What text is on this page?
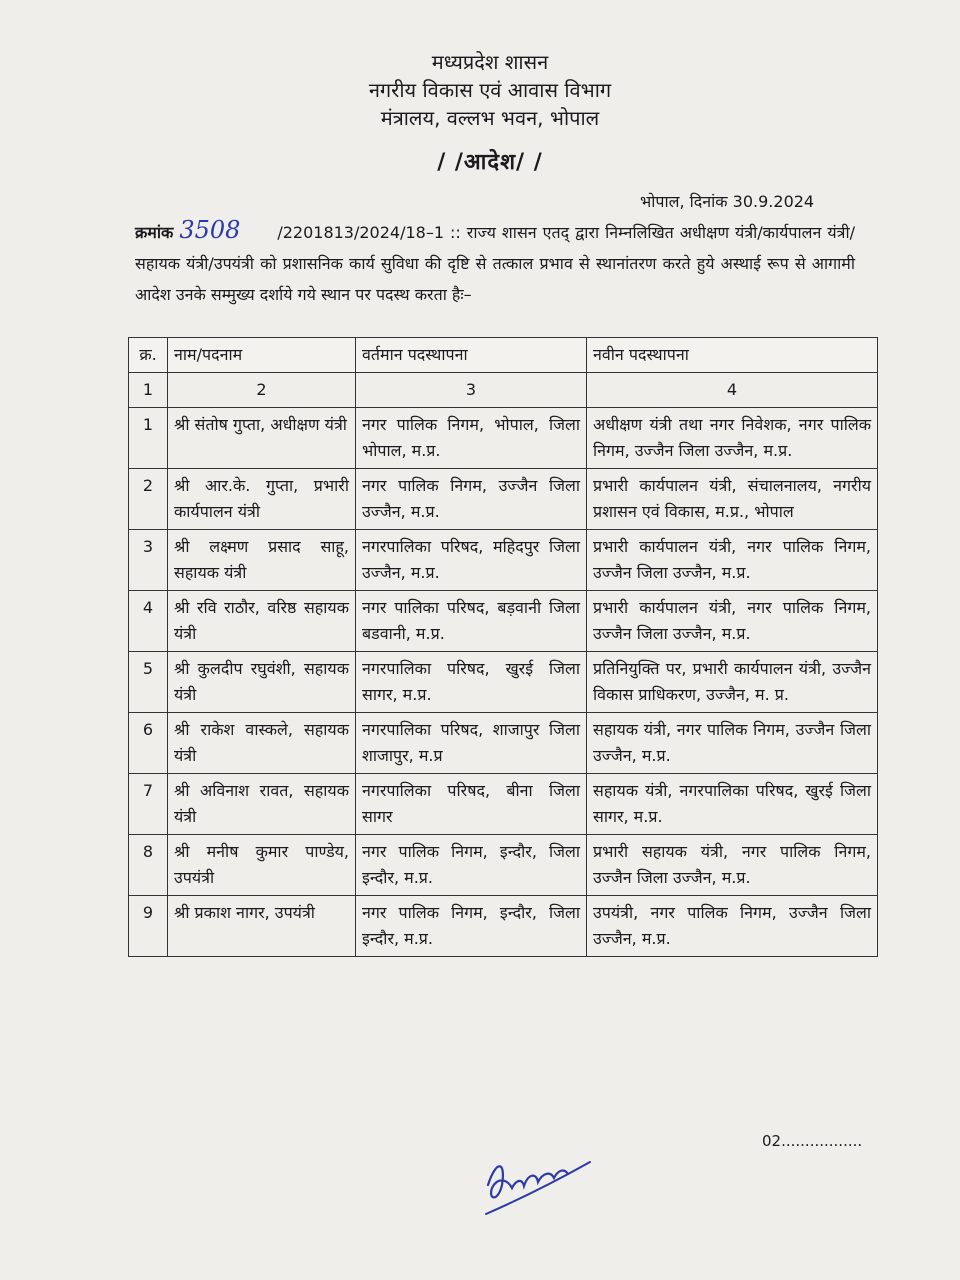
मध्यप्रदेश शासन
नगरीय विकास एवं आवास विभाग
मंत्रालय, वल्लभ भवन, भोपाल
/ /आदेश/ /
भोपाल, दिनांक 30.9.2024
क्रमांक 3508 /2201813/2024/18–1 :: राज्य शासन एतद् द्वारा निम्नलिखित अधीक्षण यंत्री/कार्यपालन यंत्री/सहायक यंत्री/उपयंत्री को प्रशासनिक कार्य सुविधा की दृष्टि से तत्काल प्रभाव से स्थानांतरण करते हुये अस्थाई रूप से आगामी आदेश उनके सम्मुख्य दर्शाये गये स्थान पर पदस्थ करता हैः–
क्र.	नाम/पदनाम	वर्तमान पदस्थापना	नवीन पदस्थापना
1	2	3	4
1	श्री संतोष गुप्ता, अधीक्षण यंत्री	नगर पालिक निगम, भोपाल, जिला भोपाल, म.प्र.	अधीक्षण यंत्री तथा नगर निवेशक, नगर पालिक निगम, उज्जैन जिला उज्जैन, म.प्र.
2	श्री आर.के. गुप्ता, प्रभारी कार्यपालन यंत्री	नगर पालिक निगम, उज्जैन जिला उज्जैन, म.प्र.	प्रभारी कार्यपालन यंत्री, संचालनालय, नगरीय प्रशासन एवं विकास, म.प्र., भोपाल
3	श्री लक्ष्मण प्रसाद साहू, सहायक यंत्री	नगरपालिका परिषद, महिदपुर जिला उज्जैन, म.प्र.	प्रभारी कार्यपालन यंत्री, नगर पालिक निगम, उज्जैन जिला उज्जैन, म.प्र.
4	श्री रवि राठौर, वरिष्ठ सहायक यंत्री	नगर पालिका परिषद, बड़वानी जिला बडवानी, म.प्र.	प्रभारी कार्यपालन यंत्री, नगर पालिक निगम, उज्जैन जिला उज्जैन, म.प्र.
5	श्री कुलदीप रघुवंशी, सहायक यंत्री	नगरपालिका परिषद, खुरई जिला सागर, म.प्र.	प्रतिनियुक्ति पर, प्रभारी कार्यपालन यंत्री, उज्जैन विकास प्राधिकरण, उज्जैन, म. प्र.
6	श्री राकेश वास्कले, सहायक यंत्री	नगरपालिका परिषद, शाजापुर जिला शाजापुर, म.प्र	सहायक यंत्री, नगर पालिक निगम, उज्जैन जिला उज्जैन, म.प्र.
7	श्री अविनाश रावत, सहायक यंत्री	नगरपालिका परिषद, बीना जिला सागर	सहायक यंत्री, नगरपालिका परिषद, खुरई जिला सागर, म.प्र.
8	श्री मनीष कुमार पाण्डेय, उपयंत्री	नगर पालिक निगम, इन्दौर, जिला इन्दौर, म.प्र.	प्रभारी सहायक यंत्री, नगर पालिक निगम, उज्जैन जिला उज्जैन, म.प्र.
9	श्री प्रकाश नागर, उपयंत्री	नगर पालिक निगम, इन्दौर, जिला इन्दौर, म.प्र.	उपयंत्री, नगर पालिक निगम, उज्जैन जिला उज्जैन, म.प्र.
02.................
